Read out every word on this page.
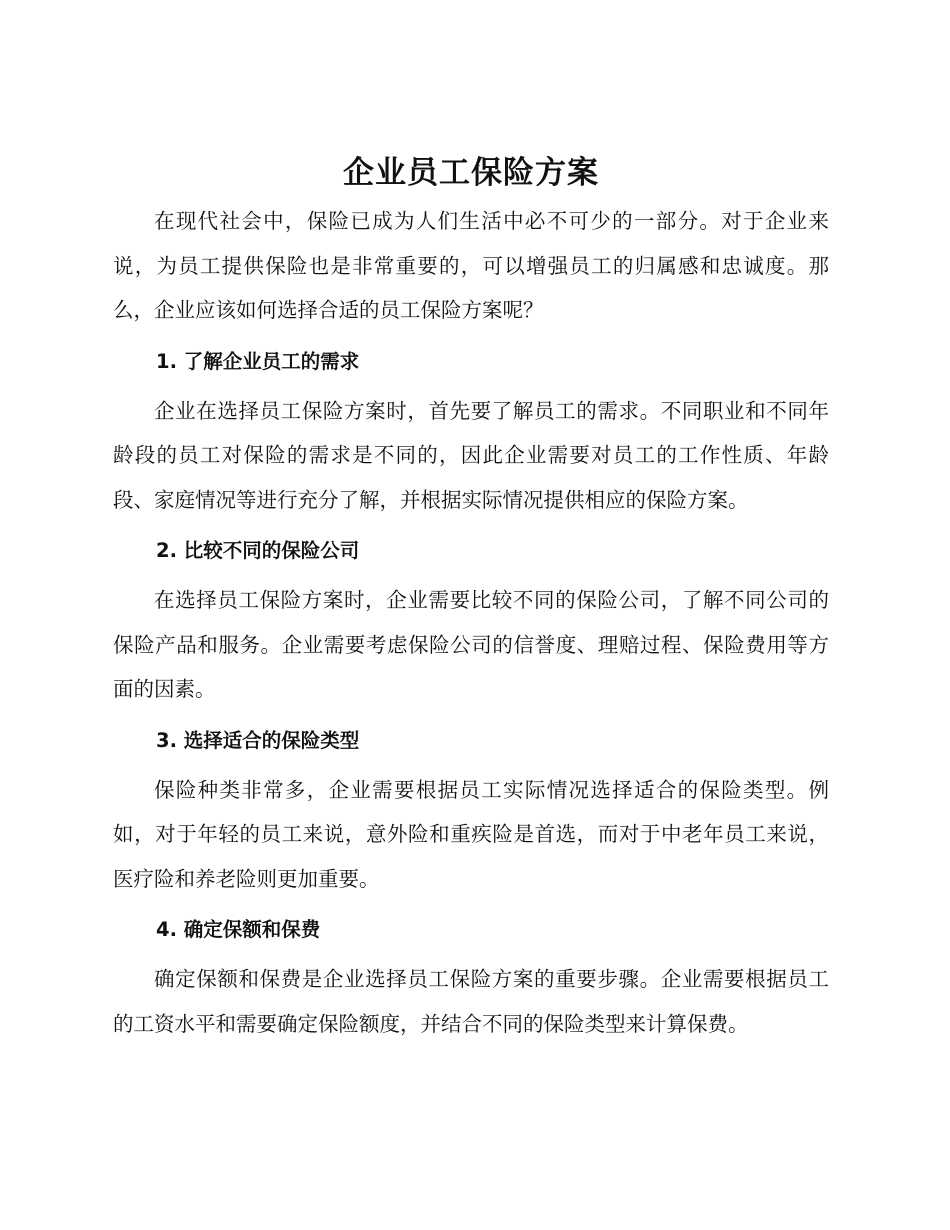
企业员工保险方案

在现代社会中，保险已成为人们生活中必不可少的一部分。对于企业来说，为员工提供保险也是非常重要的，可以增强员工的归属感和忠诚度。那么，企业应该如何选择合适的员工保险方案呢？

1. 了解企业员工的需求

企业在选择员工保险方案时，首先要了解员工的需求。不同职业和不同年龄段的员工对保险的需求是不同的，因此企业需要对员工的工作性质、年龄段、家庭情况等进行充分了解，并根据实际情况提供相应的保险方案。

2. 比较不同的保险公司

在选择员工保险方案时，企业需要比较不同的保险公司，了解不同公司的保险产品和服务。企业需要考虑保险公司的信誉度、理赔过程、保险费用等方面的因素。

3. 选择适合的保险类型

保险种类非常多，企业需要根据员工实际情况选择适合的保险类型。例如，对于年轻的员工来说，意外险和重疾险是首选，而对于中老年员工来说，医疗险和养老险则更加重要。

4. 确定保额和保费

确定保额和保费是企业选择员工保险方案的重要步骤。企业需要根据员工的工资水平和需要确定保险额度，并结合不同的保险类型来计算保费。
